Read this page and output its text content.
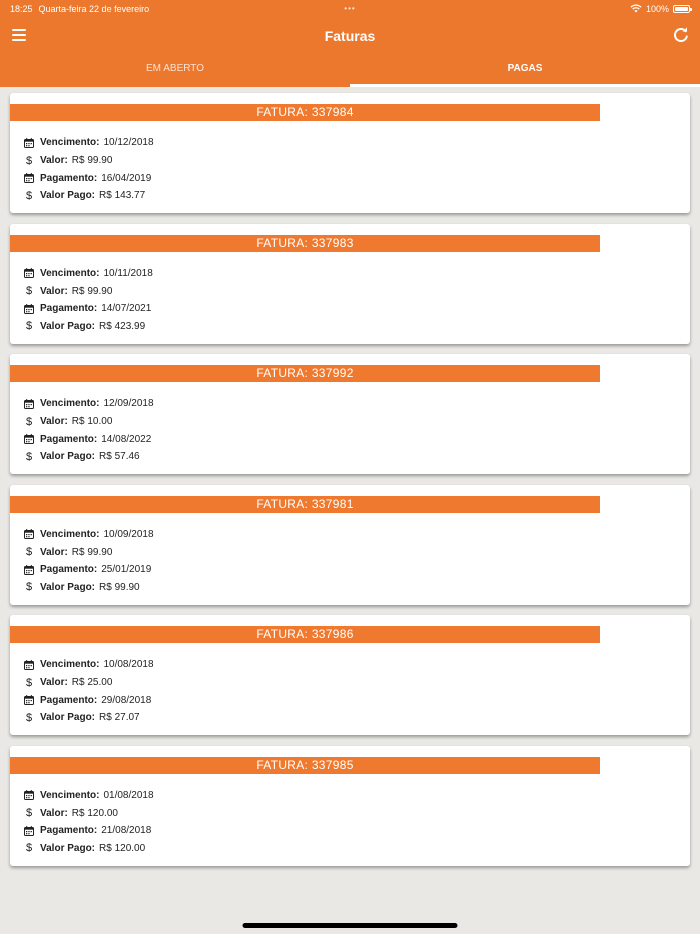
18:25 Quarta-feira 22 de fevereiro	•••	100%
Faturas
EM ABERTO	PAGAS
FATURA: 337984
Vencimento: 10/12/2018
$ Valor: R$ 99.90
Pagamento: 16/04/2019
$ Valor Pago: R$ 143.77
FATURA: 337983
Vencimento: 10/11/2018
$ Valor: R$ 99.90
Pagamento: 14/07/2021
$ Valor Pago: R$ 423.99
FATURA: 337992
Vencimento: 12/09/2018
$ Valor: R$ 10.00
Pagamento: 14/08/2022
$ Valor Pago: R$ 57.46
FATURA: 337981
Vencimento: 10/09/2018
$ Valor: R$ 99.90
Pagamento: 25/01/2019
$ Valor Pago: R$ 99.90
FATURA: 337986
Vencimento: 10/08/2018
$ Valor: R$ 25.00
Pagamento: 29/08/2018
$ Valor Pago: R$ 27.07
FATURA: 337985
Vencimento: 01/08/2018
$ Valor: R$ 120.00
Pagamento: 21/08/2018
$ Valor Pago: R$ 120.00
